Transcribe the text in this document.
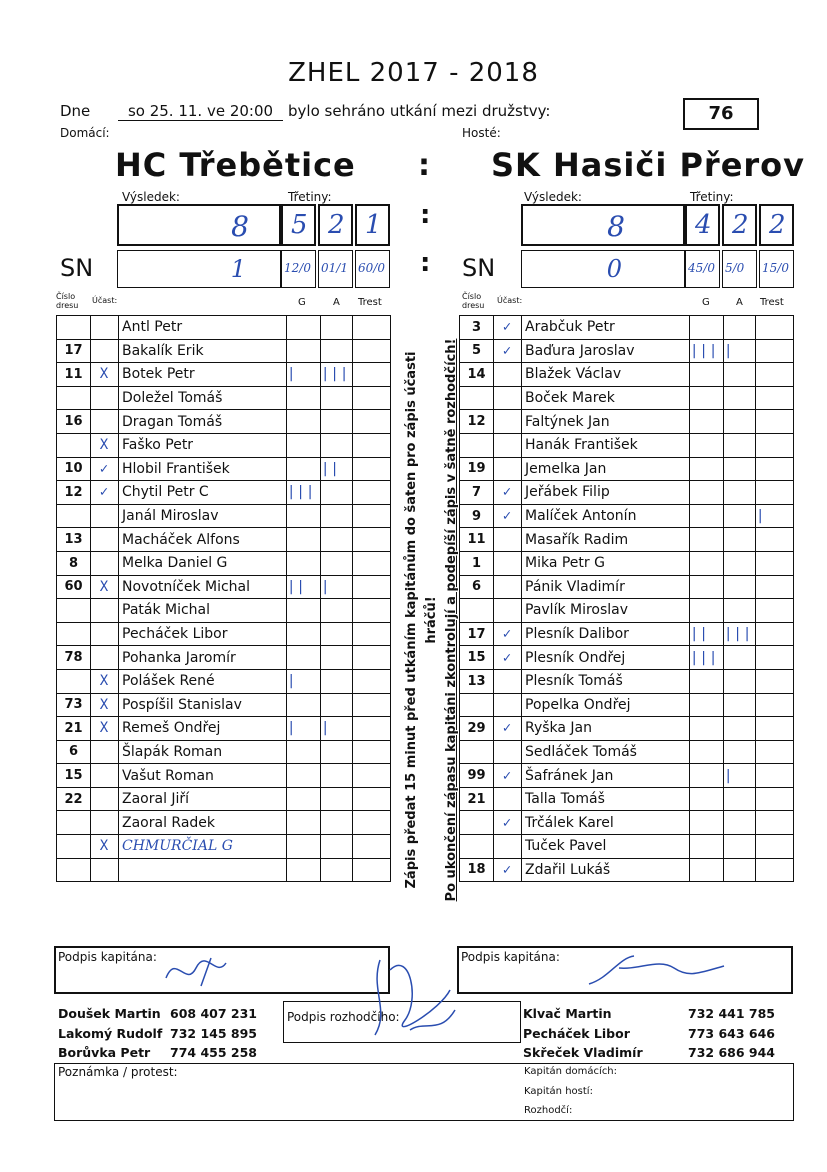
ZHEL 2017 - 2018
Dne	so 25. 11. ve 20:00 bylo sehráno utkání mezi družstvy:	76
Domácí:	Hosté:
HC Třebětice	SK Hasiči Přerov
:
Výsledek:	Třetiny:
8 5 2 1
SN	1	12/0 01/1 60/0
:
:
Výsledek:	Třetiny:
8	4 2 2
SN	0	45/0 5/0 15/0
Číslo dresu
Účast:	G	A Trest
Číslo dresu
Účast:	G	A Trest
		Antl Petr			
17		Bakalík Erik			
11	X	Botek Petr	|	|||	
		Doležel Tomáš			
16		Dragan Tomáš			
	X	Faško Petr			
10	✓	Hlobil František		||	
12	✓	Chytil Petr C	|||		
		Janál Miroslav			
13		Macháček Alfons			
8		Melka Daniel G			
60	X	Novotníček Michal	||	|	
		Paták Michal			
		Pecháček Libor			
78		Pohanka Jaromír			
	X	Polášek René	|		
73	X	Pospíšil Stanislav			
21	X	Remeš Ondřej	|	|	
6		Šlapák Roman			
15		Vašut Roman			
22		Zaoral Jiří			
		Zaoral Radek			
	X	CHMURČIAL G			

3	✓	Arabčuk Petr			
5	✓	Baďura Jaroslav	|||	|	
14		Blažek Václav			
		Boček Marek			
12		Faltýnek Jan			
		Hanák František			
19		Jemelka Jan			
7	✓	Jeřábek Filip			
9	✓	Malíček Antonín			|
11		Masařík Radim			
1		Mika Petr G			
6		Pánik Vladimír			
		Pavlík Miroslav			
17	✓	Plesník Dalibor	||	|||	
15	✓	Plesník Ondřej	|||		
13		Plesník Tomáš			
		Popelka Ondřej			
29	✓	Ryška Jan			
		Sedláček Tomáš			
99	✓	Šafránek Jan		|	
21		Talla Tomáš			
	✓	Trčálek Karel			
		Tuček Pavel			
18	✓	Zdařil Lukáš			
Zápis předat 15 minut před utkáním kapitánům do šaten pro zápis účasti hráčů! Po ukončení zápasu kapitáni zkontrolují a podepíší zápis v šatně rozhodčích!
Podpis kapitána:	Podpis kapitána:
Podpis rozhodčího:
Doušek Martin 608 407 231
Lakomý Rudolf 732 145 895
Borůvka Petr 774 455 258
Klvač Martin	732 441 785
Pecháček Libor	773 643 646
Skřeček Vladimír	732 686 944
Poznámka / protest:	Kapitán domácích:
Kapitán hostí:
Rozhodčí:
